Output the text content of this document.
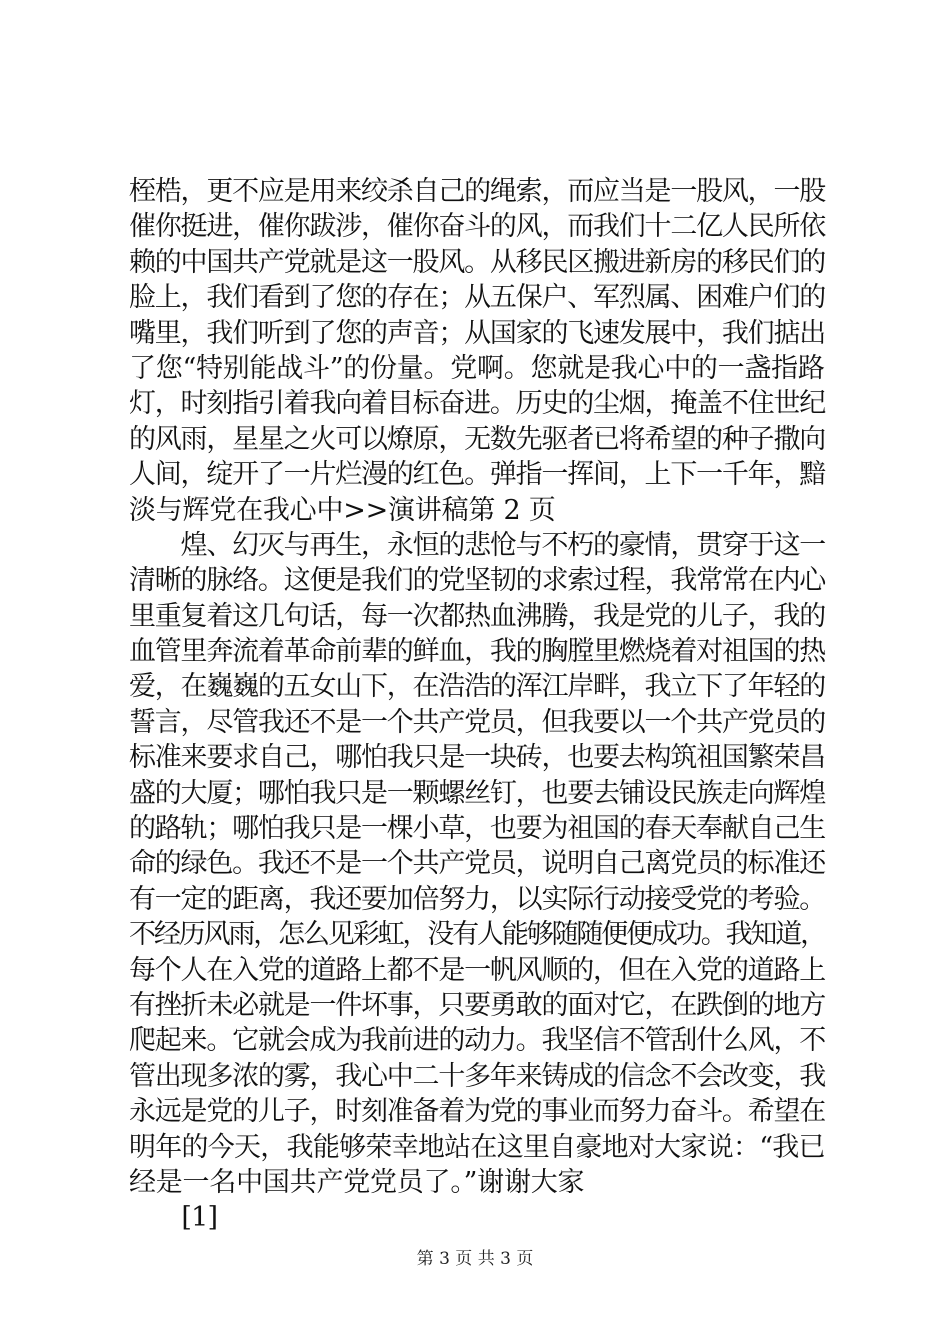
桎梏，更不应是用来绞杀自己的绳索，而应当是一股风，一股
催你挺进，催你跋涉，催你奋斗的风，而我们十二亿人民所依
赖的中国共产党就是这一股风。从移民区搬进新房的移民们的
脸上，我们看到了您的存在；从五保户、军烈属、困难户们的
嘴里，我们听到了您的声音；从国家的飞速发展中，我们掂出
了您“特别能战斗”的份量。党啊。您就是我心中的一盏指路
灯，时刻指引着我向着目标奋进。历史的尘烟，掩盖不住世纪
的风雨，星星之火可以燎原，无数先驱者已将希望的种子撒向
人间，绽开了一片烂漫的红色。弹指一挥间，上下一千年，黯
淡与辉党在我心中>>演讲稿第 2 页
　　煌、幻灭与再生，永恒的悲怆与不朽的豪情，贯穿于这一
清晰的脉络。这便是我们的党坚韧的求索过程，我常常在内心
里重复着这几句话，每一次都热血沸腾，我是党的儿子，我的
血管里奔流着革命前辈的鲜血，我的胸膛里燃烧着对祖国的热
爱，在巍巍的五女山下，在浩浩的浑江岸畔，我立下了年轻的
誓言，尽管我还不是一个共产党员，但我要以一个共产党员的
标准来要求自己，哪怕我只是一块砖，也要去构筑祖国繁荣昌
盛的大厦；哪怕我只是一颗螺丝钉，也要去铺设民族走向辉煌
的路轨；哪怕我只是一棵小草，也要为祖国的春天奉献自己生
命的绿色。我还不是一个共产党员，说明自己离党员的标准还
有一定的距离，我还要加倍努力，以实际行动接受党的考验。
不经历风雨，怎么见彩虹，没有人能够随随便便成功。我知道，
每个人在入党的道路上都不是一帆风顺的，但在入党的道路上
有挫折未必就是一件坏事，只要勇敢的面对它，在跌倒的地方
爬起来。它就会成为我前进的动力。我坚信不管刮什么风，不
管出现多浓的雾，我心中二十多年来铸成的信念不会改变，我
永远是党的儿子，时刻准备着为党的事业而努力奋斗。希望在
明年的今天，我能够荣幸地站在这里自豪地对大家说：“我已
经是一名中国共产党党员了。”谢谢大家
　　[1]
第 3 页 共 3 页
